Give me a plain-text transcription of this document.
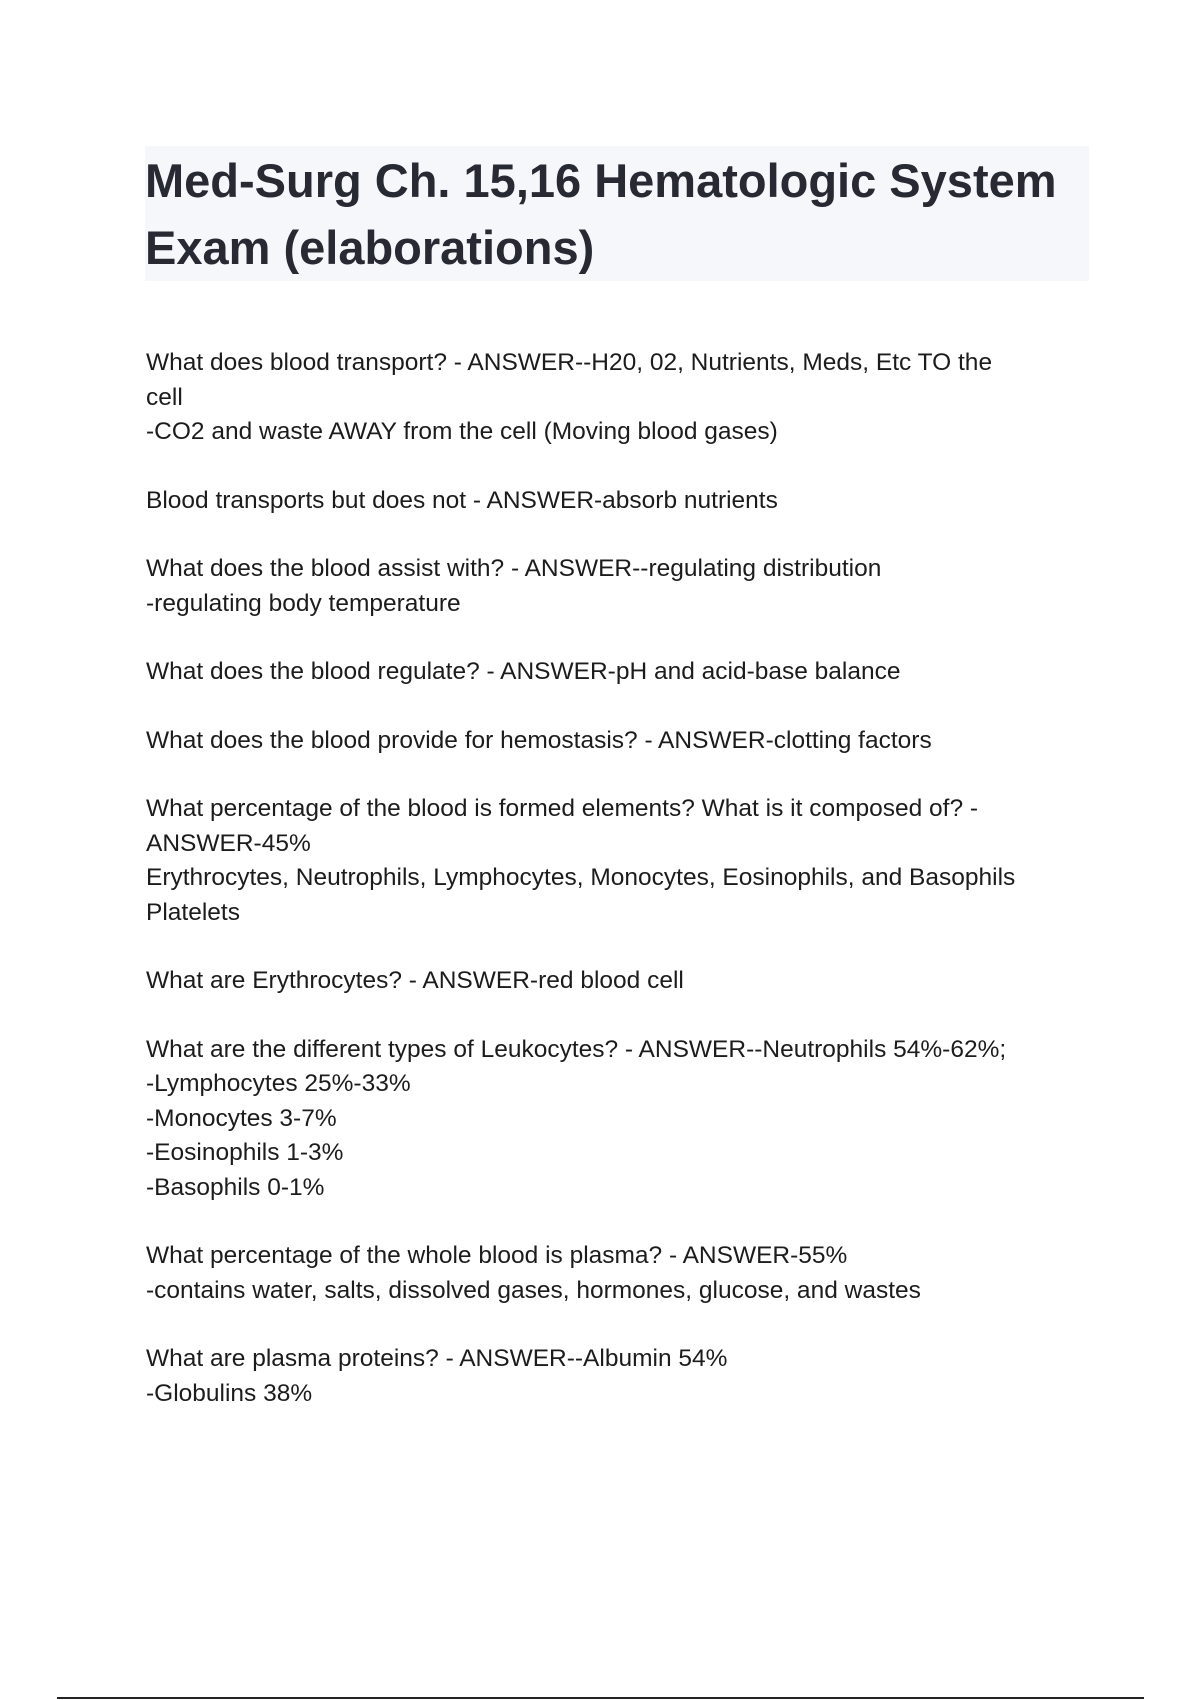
Med-Surg Ch. 15,16 Hematologic System
Exam (elaborations)
What does blood transport? - ANSWER--H20, 02, Nutrients, Meds, Etc TO the
cell
-CO2 and waste AWAY from the cell (Moving blood gases)
Blood transports but does not - ANSWER-absorb nutrients
What does the blood assist with? - ANSWER--regulating distribution
-regulating body temperature
What does the blood regulate? - ANSWER-pH and acid-base balance
What does the blood provide for hemostasis? - ANSWER-clotting factors
What percentage of the blood is formed elements? What is it composed of? -
ANSWER-45%
Erythrocytes, Neutrophils, Lymphocytes, Monocytes, Eosinophils, and Basophils
Platelets
What are Erythrocytes? - ANSWER-red blood cell
What are the different types of Leukocytes? - ANSWER--Neutrophils 54%-62%;
-Lymphocytes 25%-33%
-Monocytes 3-7%
-Eosinophils 1-3%
-Basophils 0-1%
What percentage of the whole blood is plasma? - ANSWER-55%
-contains water, salts, dissolved gases, hormones, glucose, and wastes
What are plasma proteins? - ANSWER--Albumin 54%
-Globulins 38%
